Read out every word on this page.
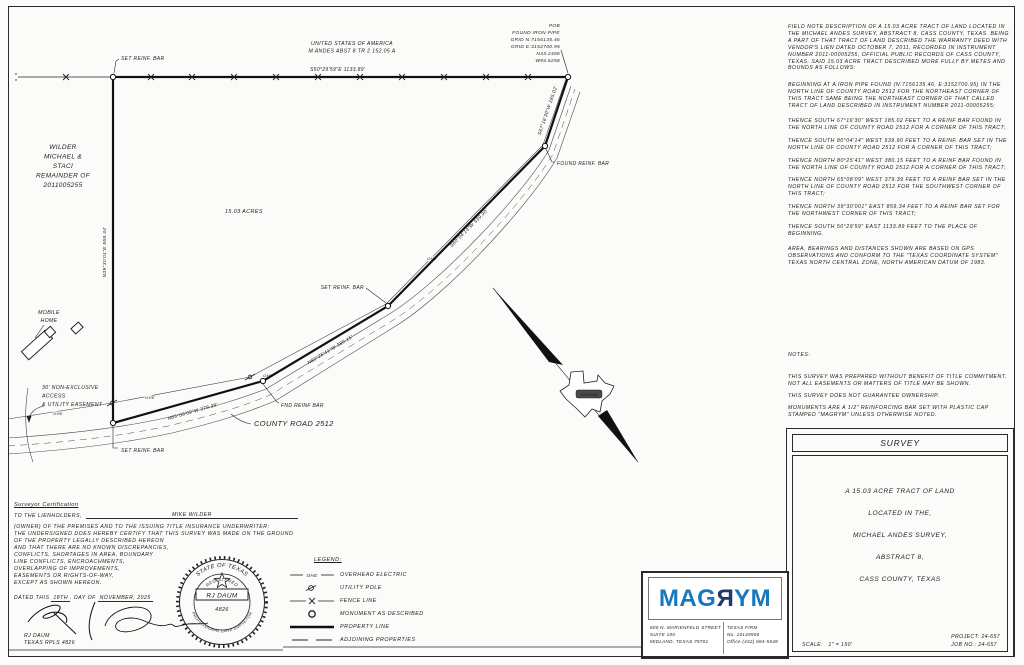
OHE
OHE
OHE
OHE
MAGRYM
UNITED STATES OF AMERICA
M ANDES ABST 8 TR 2 152.05 A
S50°29'59"E 1133.89'
SET REINF. BAR
POB
FOUND IRON PIPE
GRID N:7156135.46
GRID E:3152700.95
N33.2406
W94.6258
WILDER
MICHAEL &
STACI
REMAINDER OF
2011005255
N39°30'01"E 859.34'
15.03 ACRES
S67°16'30"W 185.02'
FOUND REINF. BAR
S80°04'14"W 539.90'
SET REINF. BAR
N80°25'41"W 380.15'
FND REINF BAR
N65°08'09"W 379.39'
COUNTY ROAD 2512
SET REINF. BAR
MOBILE
HOME
30' NON-EXCLUSIVE
ACCESS
& UTILITY EASEMENT
STATE OF TEXAS
REGISTERED
PROFESSIONAL LAND SURVEYOR
RJ DAUM
4826

FIELD NOTE DESCRIPTION OF A 15.03 ACRE TRACT OF LAND LOCATED IN THE MICHAEL ANDES SURVEY, ABSTRACT 8, CASS COUNTY, TEXAS. BEING A PART OF THAT TRACT OF LAND DESCRIBED THE WARRANTY DEED WITH VENDOR'S LIEN DATED OCTOBER 7, 2011, RECORDED IN INSTRUMENT NUMBER 2011-00005255, OFFICIAL PUBLIC RECORDS OF CASS COUNTY, TEXAS. SAID 15.03 ACRE TRACT DESCRIBED MORE FULLY BY METES AND BOUNDS AS FOLLOWS:

BEGINNING AT A IRON PIPE FOUND (N:7156135.46, E:3152700.95) IN THE NORTH LINE OF COUNTY ROAD 2512 FOR THE NORTHEAST CORNER OF THIS TRACT SAME BEING THE NORTHEAST CORNER OF THAT CALLED TRACT OF LAND DESCRIBED IN INSTRUMENT NUMBER 2011-00005255;

THENCE SOUTH 67°16'30" WEST 185.02 FEET TO A REINF BAR FOUND IN THE NORTH LINE OF COUNTY ROAD 2512 FOR A CORNER OF THIS TRACT;

THENCE SOUTH 80°04'14" WEST 539.90 FEET TO A REINF. BAR SET IN THE NORTH LINE OF COUNTY ROAD 2512 FOR A CORNER OF THIS TRACT;

THENCE NORTH 80°25'41" WEST 380.15 FEET TO A REINF BAR FOUND IN THE NORTH LINE OF COUNTY ROAD 2512 FOR A CORNER OF THIS TRACT;

THENCE NORTH 65°08'09" WEST 379.39 FEET TO A REINF BAR SET IN THE NORTH LINE OF COUNTY ROAD 2512 FOR THE SOUTHWEST CORNER OF THIS TRACT;

THENCE NORTH 39°30'001" EAST 859.34 FEET TO A REINF BAR SET FOR THE NORTHWEST CORNER OF THIS TRACT;

THENCE SOUTH 50°29'59" EAST 1133.89 FEET TO THE PLACE OF BEGINNING.

AREA, BEARINGS AND DISTANCES SHOWN ARE BASED ON GPS OBSERVATIONS AND CONFORM TO THE "TEXAS COORDINATE SYSTEM" TEXAS NORTH CENTRAL ZONE, NORTH AMERICAN DATUM OF 1983.

NOTES:
THIS SURVEY WAS PREPARED WITHOUT BENEFIT OF TITLE COMMITMENT. NOT ALL EASEMENTS OR MATTERS OF TITLE MAY BE SHOWN.
THIS SURVEY DOES NOT GUARANTEE OWNERSHIP.
MONUMENTS ARE A 1/2" REINFORCING BAR SET WITH PLASTIC CAP STAMPED "MAGRYM" UNLESS OTHERWISE NOTED.
SURVEY
A 15.03 ACRE TRACT OF LAND
LOCATED IN THE,
MICHAEL ANDES SURVEY,
ABSTRACT 8,
CASS COUNTY, TEXAS
SCALE: 1" = 150'
PROJECT: 24-657
JOB NO.: 24-657
MAGRYM
800 N. MARIENFELD STREET
SUITE 100
MIDLAND, TEXAS 79701
TEXAS FIRM
No. 10149500
Office (432) 684-5548
LEGEND:
OHE	OVERHEAD ELECTRIC
UTILITY POLE
FENCE LINE
MONUMENT AS DESCRIBED
PROPERTY LINE
ADJOINING PROPERTIES
Surveyor Certification
TO THE LIENHOLDERS,	MIKE WILDER
(OWNER) OF THE PREMISES AND TO THE ISSUING TITLE INSURANCE UNDERWRITER:
THE UNDERSIGNED DOES HEREBY CERTIFY THAT THIS SURVEY WAS MADE ON THE GROUND
OF THE PROPERTY LEGALLY DESCRIBED HEREON
AND THAT THERE ARE NO KNOWN DISCREPANCIES,
CONFLICTS, SHORTAGES IN AREA, BOUNDARY
LINE CONFLICTS, ENCROACHMENTS,
OVERLAPPING OF IMPROVEMENTS,
EASEMENTS OR RIGHTS-OF-WAY,
EXCEPT AS SHOWN HEREON.
DATED THIS 18TH . DAY OF NOVEMBER, 2025
RJ DAUM
TEXAS RPLS 4826
